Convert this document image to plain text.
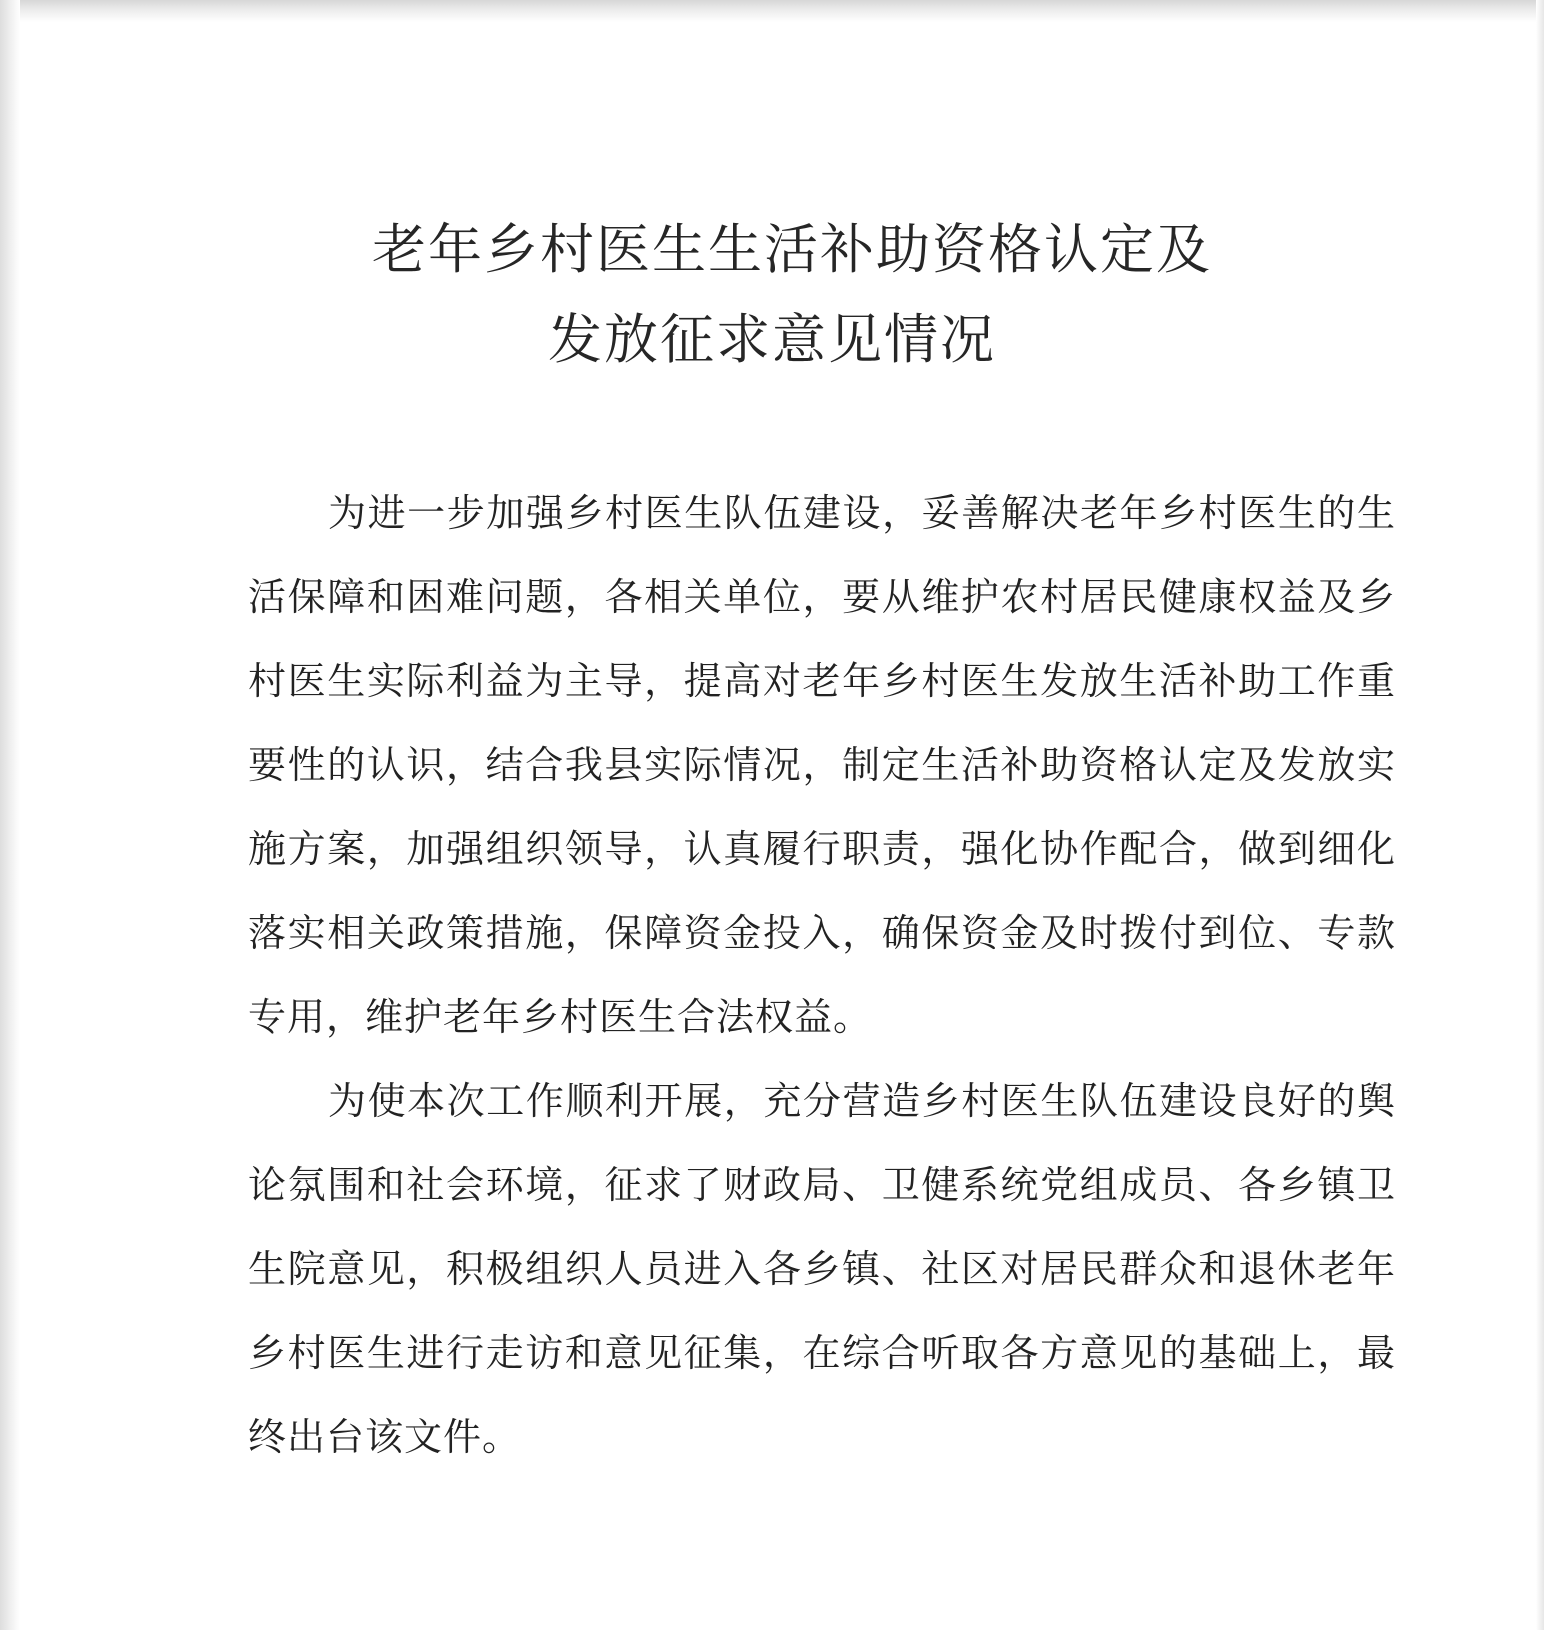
老年乡村医生生活补助资格认定及
发放征求意见情况

为进一步加强乡村医生队伍建设，妥善解决老年乡村医生的生活保障和困难问题，各相关单位，要从维护农村居民健康权益及乡村医生实际利益为主导，提高对老年乡村医生发放生活补助工作重要性的认识，结合我县实际情况，制定生活补助资格认定及发放实施方案，加强组织领导，认真履行职责，强化协作配合，做到细化落实相关政策措施，保障资金投入，确保资金及时拨付到位、专款专用，维护老年乡村医生合法权益。

为使本次工作顺利开展，充分营造乡村医生队伍建设良好的舆论氛围和社会环境，征求了财政局、卫健系统党组成员、各乡镇卫生院意见，积极组织人员进入各乡镇、社区对居民群众和退休老年乡村医生进行走访和意见征集，在综合听取各方意见的基础上，最终出台该文件。
